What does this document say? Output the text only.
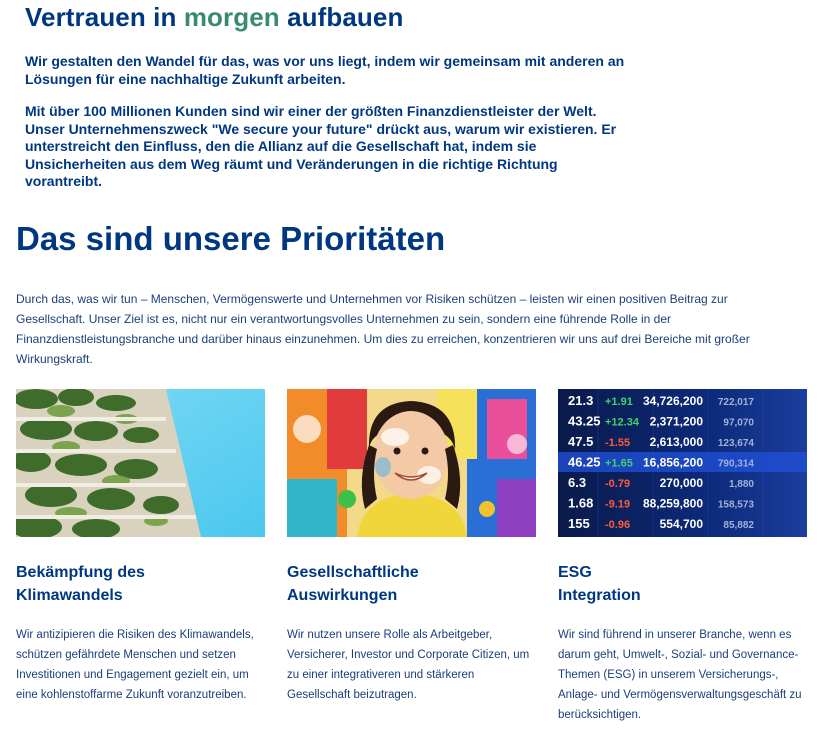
Vertrauen in morgen aufbauen

Wir gestalten den Wandel für das, was vor uns liegt, indem wir gemeinsam mit anderen an Lösungen für eine nachhaltige Zukunft arbeiten.

Mit über 100 Millionen Kunden sind wir einer der größten Finanzdienstleister der Welt. Unser Unternehmenszweck "We secure your future" drückt aus, warum wir existieren. Er unterstreicht den Einfluss, den die Allianz auf die Gesellschaft hat, indem sie Unsicherheiten aus dem Weg räumt und Veränderungen in die richtige Richtung vorantreibt.

Das sind unsere Prioritäten

Durch das, was wir tun – Menschen, Vermögenswerte und Unternehmen vor Risiken schützen – leisten wir einen positiven Beitrag zur Gesellschaft. Unser Ziel ist es, nicht nur ein verantwortungsvolles Unternehmen zu sein, sondern eine führende Rolle in der Finanzdienstleistungsbranche und darüber hinaus einzunehmen. Um dies zu erreichen, konzentrieren wir uns auf drei Bereiche mit großer Wirkungskraft.

Bekämpfung des
Klimawandels

Wir antizipieren die Risiken des Klimawandels, schützen gefährdete Menschen und setzen Investitionen und Engagement gezielt ein, um eine kohlenstoffarme Zukunft voranzutreiben.

Gesellschaftliche
Auswirkungen

Wir nutzen unsere Rolle als Arbeitgeber, Versicherer, Investor und Corporate Citizen, um zu einer integrativeren und stärkeren Gesellschaft beizutragen.

21.3
43.25
47.5
46.25
6.3
1.68
155
+1.91
+12.34
-1.55
+1.65
-0.79
-9.19
-0.96
34,726,200
2,371,200
2,613,000
16,856,200
270,000
88,259,800
554,700
722,017
97,070
123,674
790,314
1,880
158,573
85,882
ESG
Integration

Wir sind führend in unserer Branche, wenn es darum geht, Umwelt-, Sozial- und Governance-Themen (ESG) in unserem Versicherungs-, Anlage- und Vermögensverwaltungsgeschäft zu berücksichtigen.
